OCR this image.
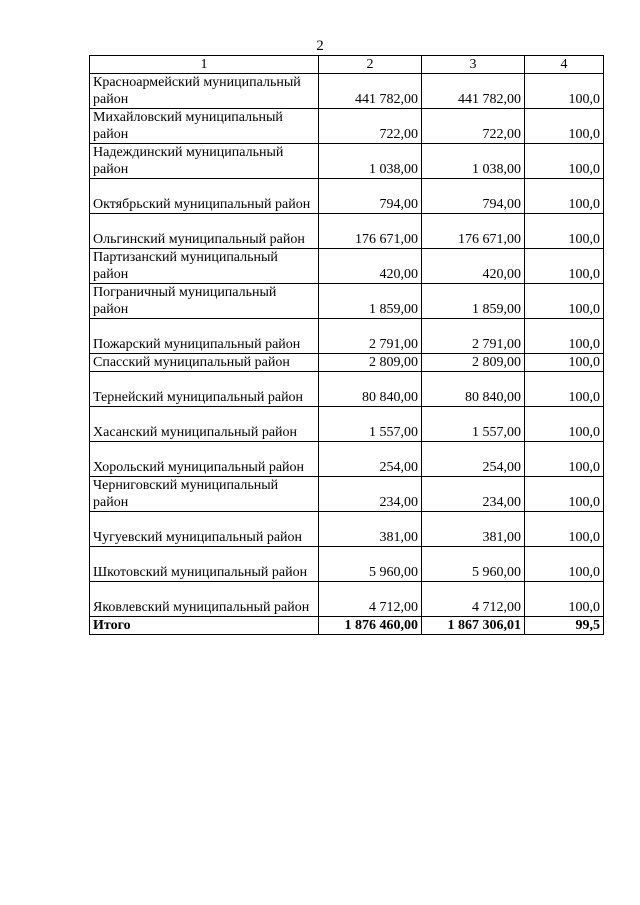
2
1	2	3	4
Красноармейский муниципальный район	441 782,00	441 782,00	100,0
Михайловский муниципальный район	722,00	722,00	100,0
Надеждинский муниципальный район	1 038,00	1 038,00	100,0
Октябрьский муниципальный район	794,00	794,00	100,0
Ольгинский муниципальный район	176 671,00	176 671,00	100,0
Партизанский муниципальный район	420,00	420,00	100,0
Пограничный муниципальный район	1 859,00	1 859,00	100,0
Пожарский муниципальный район	2 791,00	2 791,00	100,0
Спасский муниципальный район	2 809,00	2 809,00	100,0
Тернейский муниципальный район	80 840,00	80 840,00	100,0
Хасанский муниципальный район	1 557,00	1 557,00	100,0
Хорольский муниципальный район	254,00	254,00	100,0
Черниговский муниципальный район	234,00	234,00	100,0
Чугуевский муниципальный район	381,00	381,00	100,0
Шкотовский муниципальный район	5 960,00	5 960,00	100,0
Яковлевский муниципальный район	4 712,00	4 712,00	100,0
Итого	1 876 460,00	1 867 306,01	99,5
